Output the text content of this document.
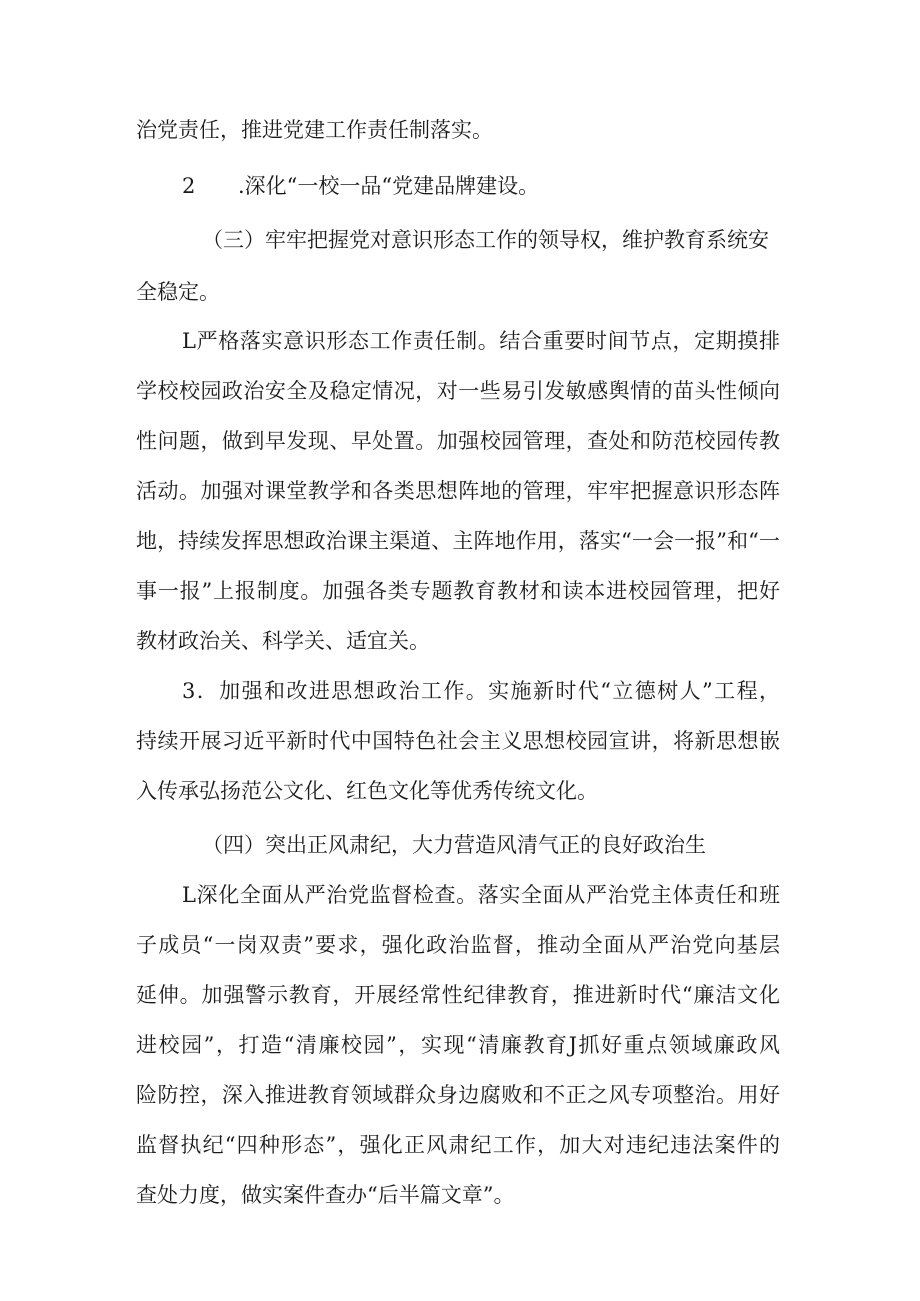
治党责任，推进党建工作责任制落实。
2 .深化“一校一品“党建品牌建设。
（三）牢牢把握党对意识形态工作的领导权，维护教育系统安
全稳定。
L严格落实意识形态工作责任制。结合重要时间节点，定期摸排
学校校园政治安全及稳定情况，对一些易引发敏感舆情的苗头性倾向
性问题，做到早发现、早处置。加强校园管理，查处和防范校园传教
活动。加强对课堂教学和各类思想阵地的管理，牢牢把握意识形态阵
地，持续发挥思想政治课主渠道、主阵地作用，落实“一会一报”和“一
事一报”上报制度。加强各类专题教育教材和读本进校园管理，把好
教材政治关、科学关、适宜关。
3．加强和改进思想政治工作。实施新时代“立德树人”工程，
持续开展习近平新时代中国特色社会主义思想校园宣讲，将新思想嵌
入传承弘扬范公文化、红色文化等优秀传统文化。
（四）突出正风肃纪，大力营造风清气正的良好政治生
L深化全面从严治党监督检查。落实全面从严治党主体责任和班
子成员“一岗双责”要求，强化政治监督，推动全面从严治党向基层
延伸。加强警示教育，开展经常性纪律教育，推进新时代“廉洁文化
进校园”，打造“清廉校园”，实现“清廉教育J抓好重点领域廉政风
险防控，深入推进教育领域群众身边腐败和不正之风专项整治。用好
监督执纪“四种形态”，强化正风肃纪工作，加大对违纪违法案件的
查处力度，做实案件查办“后半篇文章”。
